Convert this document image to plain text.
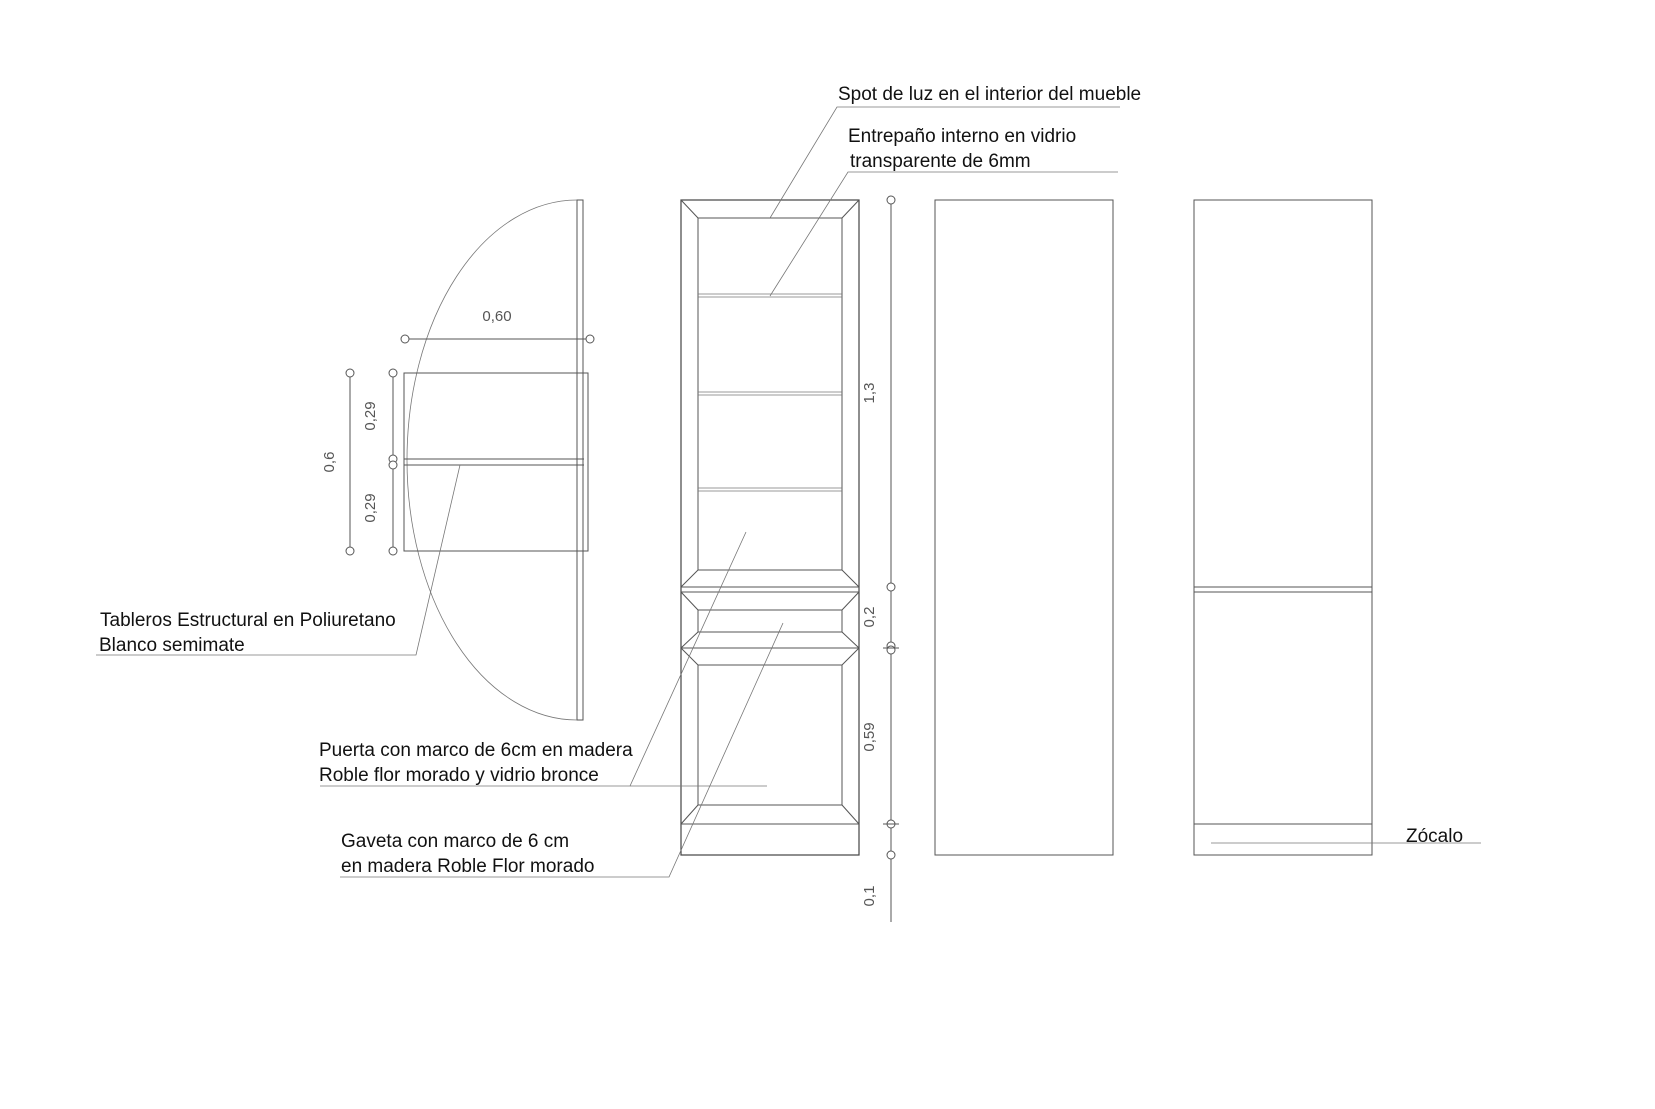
0,60
0,6
0,29
0,29
Tableros Estructural en Poliuretano
Blanco semimate
1,3
0,2
0,59
0,1
Zócalo
Spot de luz en el interior del mueble
Entrepaño interno en vidrio
transparente de 6mm
Puerta con marco de 6cm en madera
Roble flor morado y vidrio bronce
Gaveta con marco de 6 cm
en madera Roble Flor morado
